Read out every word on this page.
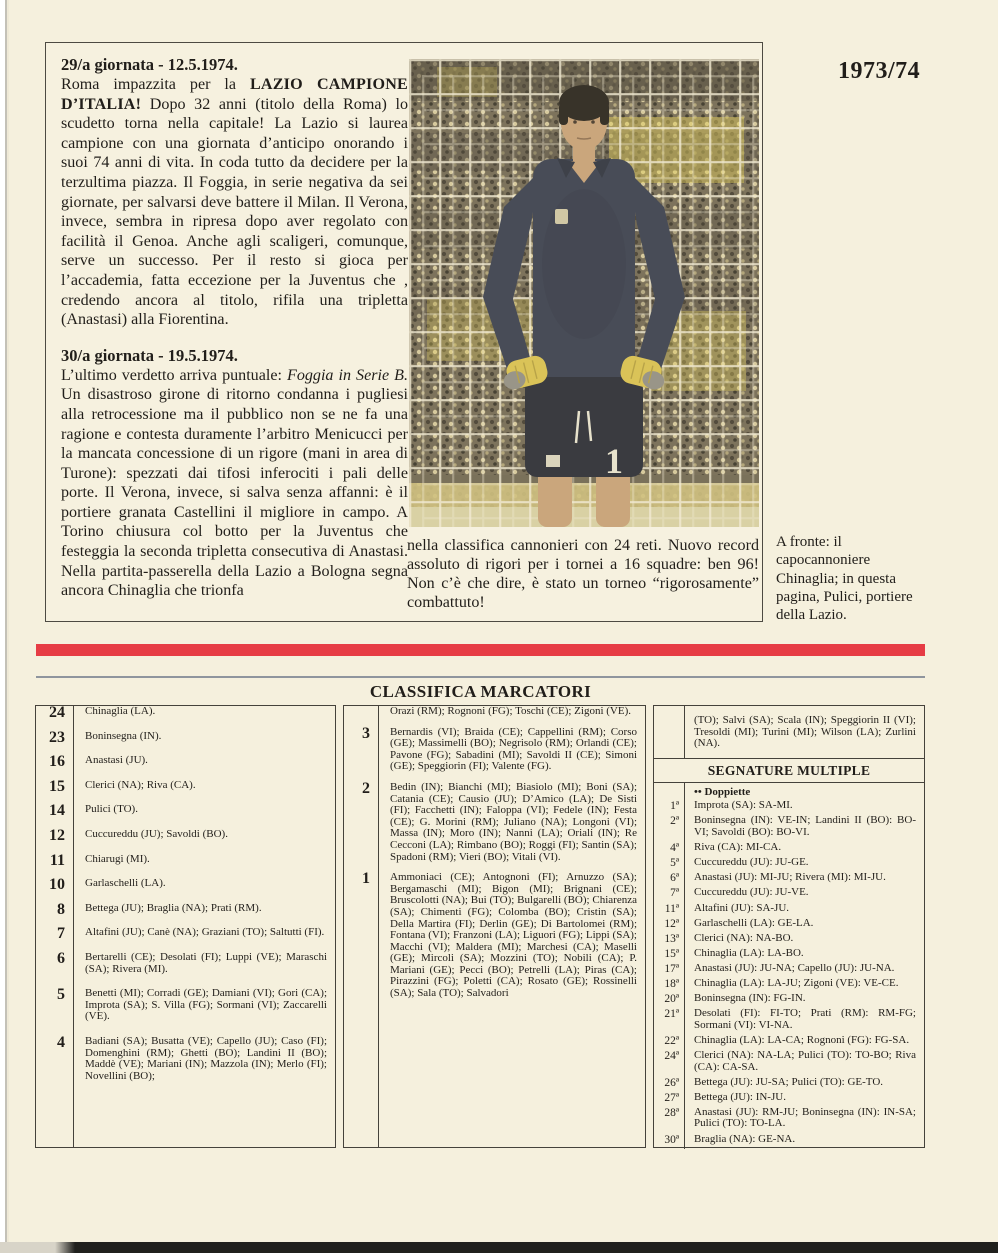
1973/74
29/a giornata - 12.5.1974.

Roma impazzita per la LAZIO CAMPIONE D’ITALIA! Dopo 32 anni (titolo della Roma) lo scudetto torna nella capitale! La Lazio si laurea campione con una giornata d’anticipo onorando i suoi 74 anni di vita. In coda tutto da decidere per la terzultima piazza. Il Foggia, in serie negativa da sei giornate, per salvarsi deve battere il Milan. Il Verona, invece, sembra in ripresa dopo aver regolato con facilità il Genoa. Anche agli scaligeri, comunque, serve un successo. Per il resto si gioca per l’accademia, fatta eccezione per la Juventus che , credendo ancora al titolo, rifila una tripletta (Anastasi) alla Fiorentina.

30/a giornata - 19.5.1974.

L’ultimo verdetto arriva puntuale: Foggia in Serie B. Un disastroso girone di ritorno condanna i pugliesi alla retrocessione ma il pubblico non se ne fa una ragione e contesta duramente l’arbitro Menicucci per la mancata concessione di un rigore (mani in area di Turone): spezzati dai tifosi inferociti i pali delle porte. Il Verona, invece, si salva senza affanni: è il portiere granata Castellini il migliore in campo. A Torino chiusura col botto per la Juventus che festeggia la seconda tripletta consecutiva di Anastasi. Nella partita-passerella della Lazio a Bologna segna ancora Chinaglia che trionfa

1

nella classifica cannonieri con 24 reti. Nuovo record assoluto di rigori per i tornei a 16 squadre: ben 96! Non c’è che dire, è stato un torneo “rigorosamente” combattuto!

A fronte: il capocannoniere Chinaglia; in questa pagina, Pulici, portiere della Lazio.
CLASSIFICA MARCATORI
24	Chinaglia (LA).
23	Boninsegna (IN).
16	Anastasi (JU).
15	Clerici (NA); Riva (CA).
14	Pulici (TO).
12	Cuccureddu (JU); Savoldi (BO).
11	Chiarugi (MI).
10	Garlaschelli (LA).
8	Bettega (JU); Braglia (NA); Prati (RM).
7	Altafini (JU); Canè (NA); Graziani (TO); Saltutti (FI).
6	Bertarelli (CE); Desolati (FI); Luppi (VE); Maraschi (SA); Rivera (MI).
5	Benetti (MI); Corradi (GE); Damiani (VI); Gori (CA); Improta (SA); S. Villa (FG); Sormani (VI); Zaccarelli (VE).
4	Badiani (SA); Busatta (VE); Capello (JU); Caso (FI); Domenghini (RM); Ghetti (BO); Landini II (BO); Maddè (VE); Mariani (IN); Mazzola (IN); Merlo (FI); Novellini (BO);
Orazi (RM); Rognoni (FG); Toschi (CE); Zigoni (VE).
3	Bernardis (VI); Braida (CE); Cappellini (RM); Corso (GE); Massimelli (BO); Negrisolo (RM); Orlandi (CE); Pavone (FG); Sabadini (MI); Savoldi II (CE); Simoni (GE); Speggiorin (FI); Valente (FG).
2	Bedin (IN); Bianchi (MI); Biasiolo (MI); Boni (SA); Catania (CE); Causio (JU); D’Amico (LA); De Sisti (FI); Facchetti (IN); Faloppa (VI); Fedele (IN); Festa (CE); G. Morini (RM); Juliano (NA); Longoni (VI); Massa (IN); Moro (IN); Nanni (LA); Oriali (IN); Re Cecconi (LA); Rimbano (BO); Roggi (FI); Santin (SA); Spadoni (RM); Vieri (BO); Vitali (VI).
1	Ammoniaci (CE); Antognoni (FI); Arnuzzo (SA); Bergamaschi (MI); Bigon (MI); Brignani (CE); Bruscolotti (NA); Bui (TO); Bulgarelli (BO); Chiarenza (SA); Chimenti (FG); Colomba (BO); Cristin (SA); Della Martira (FI); Derlin (GE); Di Bartolomei (RM); Fontana (VI); Franzoni (LA); Liguori (FG); Lippi (SA); Macchi (VI); Maldera (MI); Marchesi (CA); Maselli (GE); Mircoli (SA); Mozzini (TO); Nobili (CA); P. Mariani (GE); Pecci (BO); Petrelli (LA); Piras (CA); Pirazzini (FG); Poletti (CA); Rosato (GE); Rossinelli (SA); Sala (TO); Salvadori
(TO); Salvi (SA); Scala (IN); Speggiorin II (VI); Tresoldi (MI); Turini (MI); Wilson (LA); Zurlini (NA).
SEGNATURE MULTIPLE
•• Doppiette
1ª	Improta (SA): SA-MI.
2ª	Boninsegna (IN): VE-IN; Landini II (BO): BO-VI; Savoldi (BO): BO-VI.
4ª	Riva (CA): MI-CA.
5ª	Cuccureddu (JU): JU-GE.
6ª	Anastasi (JU): MI-JU; Rivera (MI): MI-JU.
7ª	Cuccureddu (JU): JU-VE.
11ª	Altafini (JU): SA-JU.
12ª	Garlaschelli (LA): GE-LA.
13ª	Clerici (NA): NA-BO.
15ª	Chinaglia (LA): LA-BO.
17ª	Anastasi (JU): JU-NA; Capello (JU): JU-NA.
18ª	Chinaglia (LA): LA-JU; Zigoni (VE): VE-CE.
20ª	Boninsegna (IN): FG-IN.
21ª	Desolati (FI): FI-TO; Prati (RM): RM-FG; Sormani (VI): VI-NA.
22ª	Chinaglia (LA): LA-CA; Rognoni (FG): FG-SA.
24ª	Clerici (NA): NA-LA; Pulici (TO): TO-BO; Riva (CA): CA-SA.
26ª	Bettega (JU): JU-SA; Pulici (TO): GE-TO.
27ª	Bettega (JU): IN-JU.
28ª	Anastasi (JU): RM-JU; Boninsegna (IN): IN-SA; Pulici (TO): TO-LA.
30ª	Braglia (NA): GE-NA.
